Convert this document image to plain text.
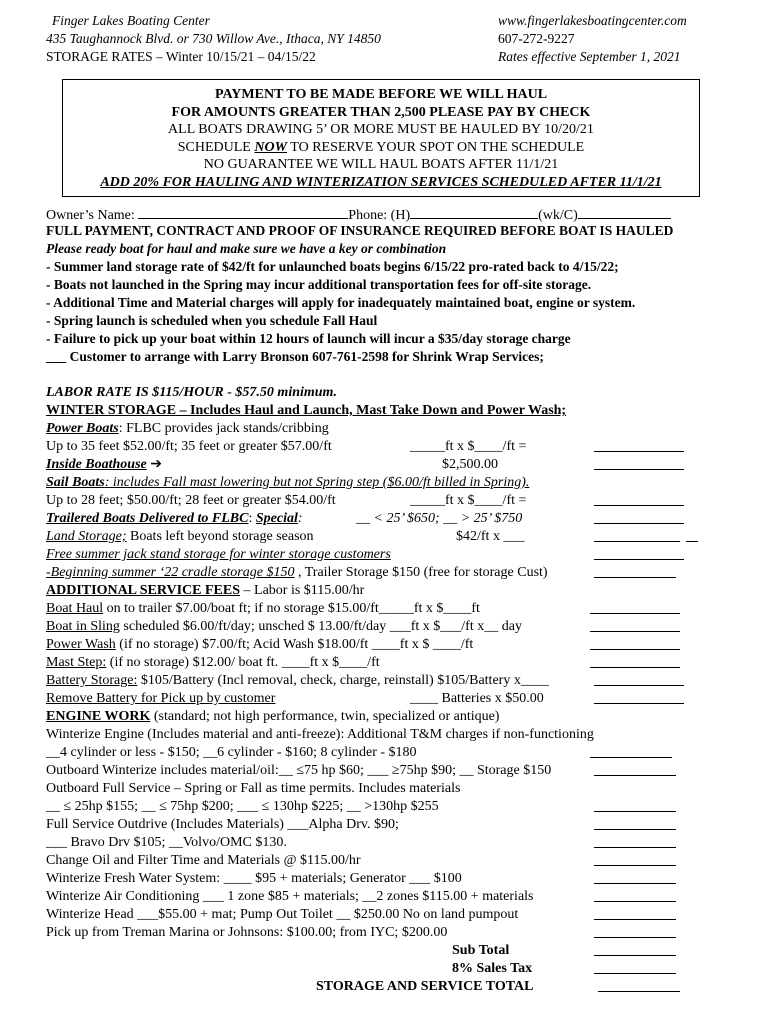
Finger Lakes Boating Center
435 Taughannock Blvd. or 730 Willow Ave., Ithaca, NY 14850
STORAGE RATES – Winter 10/15/21 – 04/15/22
www.fingerlakesboatingcenter.com
607-272-9227
Rates effective September 1, 2021
PAYMENT TO BE MADE BEFORE WE WILL HAUL
FOR AMOUNTS GREATER THAN 2,500 PLEASE PAY BY CHECK
ALL BOATS DRAWING 5’ OR MORE MUST BE HAULED BY 10/20/21
SCHEDULE NOW TO RESERVE YOUR SPOT ON THE SCHEDULE
NO GUARANTEE WE WILL HAUL BOATS AFTER 11/1/21
ADD 20% FOR HAULING AND WINTERIZATION SERVICES SCHEDULED AFTER 11/1/21
Owner’s Name:	Phone: (H)	(wk/C)
FULL PAYMENT, CONTRACT AND PROOF OF INSURANCE REQUIRED BEFORE BOAT IS HAULED
Please ready boat for haul and make sure we have a key or combination
- Summer land storage rate of $42/ft for unlaunched boats begins 6/15/22 pro-rated back to 4/15/22;
- Boats not launched in the Spring may incur additional transportation fees for off-site storage.
- Additional Time and Material charges will apply for inadequately maintained boat, engine or system.
- Spring launch is scheduled when you schedule Fall Haul
- Failure to pick up your boat within 12 hours of launch will incur a $35/day storage charge
___ Customer to arrange with Larry Bronson 607-761-2598 for Shrink Wrap Services;
LABOR RATE IS $115/HOUR - $57.50 minimum.
WINTER STORAGE – Includes Haul and Launch, Mast Take Down and Power Wash;
Power Boats: FLBC provides jack stands/cribbing
Up to 35 feet $52.00/ft; 35 feet or greater $57.00/ft	_____ft x $____/ft =
Inside Boathouse ➔	$2,500.00
Sail Boats: includes Fall mast lowering but not Spring step ($6.00/ft billed in Spring).
Up to 28 feet; $50.00/ft; 28 feet or greater $54.00/ft	_____ft x $____/ft =
Trailered Boats Delivered to FLBC: Special:	__ < 25’ $650; __ > 25’ $750
Land Storage; Boats left beyond storage season	$42/ft x ___
Free summer jack stand storage for winter storage customers
-Beginning summer ‘22 cradle storage $150 , Trailer Storage $150 (free for storage Cust)
ADDITIONAL SERVICE FEES – Labor is $115.00/hr
Boat Haul on to trailer $7.00/boat ft; if no storage $15.00/ft_____ft x $____ft
Boat in Sling scheduled $6.00/ft/day; unsched $ 13.00/ft/day ___ft x $___/ft x__ day
Power Wash (if no storage) $7.00/ft; Acid Wash $18.00/ft ____ft x $ ____/ft
Mast Step: (if no storage) $12.00/ boat ft. ____ft x $____/ft
Battery Storage: $105/Battery (Incl removal, check, charge, reinstall) $105/Battery x____
Remove Battery for Pick up by customer	____ Batteries x $50.00
ENGINE WORK (standard; not high performance, twin, specialized or antique)
Winterize Engine (Includes material and anti-freeze): Additional T&M charges if non-functioning
__4 cylinder or less - $150; __6 cylinder - $160; 8 cylinder - $180
Outboard Winterize includes material/oil:__ ≤75 hp $60; ___ ≥75hp $90; __ Storage $150
Outboard Full Service – Spring or Fall as time permits. Includes materials
__ ≤ 25hp $155; __ ≤ 75hp $200; ___ ≤ 130hp $225; __ >130hp $255
Full Service Outdrive (Includes Materials) ___Alpha Drv. $90;
___ Bravo Drv $105; __Volvo/OMC $130.
Change Oil and Filter Time and Materials @ $115.00/hr
Winterize Fresh Water System: ____ $95 + materials; Generator ___ $100
Winterize Air Conditioning ___ 1 zone $85 + materials; __2 zones $115.00 + materials
Winterize Head ___$55.00 + mat; Pump Out Toilet __ $250.00 No on land pumpout
Pick up from Treman Marina or Johnsons: $100.00; from IYC; $200.00
Sub Total
8% Sales Tax
STORAGE AND SERVICE TOTAL
